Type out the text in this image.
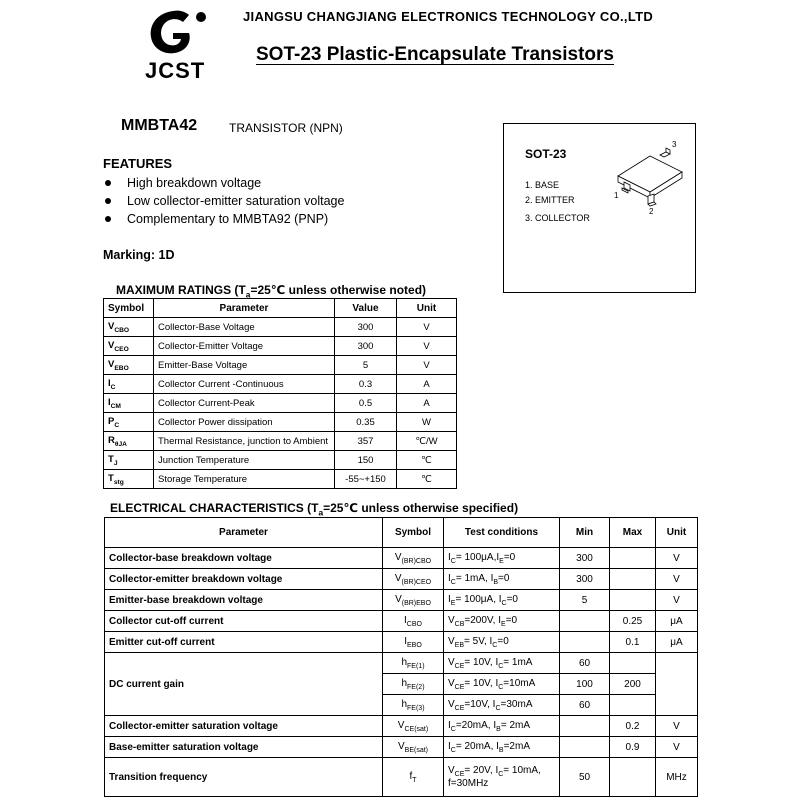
JCST
JIANGSU CHANGJIANG ELECTRONICS TECHNOLOGY CO.,LTD
SOT-23 Plastic-Encapsulate Transistors
MMBTA42	TRANSISTOR (NPN)
FEATURES
High breakdown voltage
Low collector-emitter saturation voltage
Complementary to MMBTA92 (PNP)
Marking: 1D
SOT-23
1. BASE
2. EMITTER
3. COLLECTOR
1
2
3
MAXIMUM RATINGS ($T_a=25℃$ unless otherwise noted)
Symbol	Parameter	Value	Unit
$V_{CBO}$	Collector-Base Voltage	300	V
$V_{CEO}$	Collector-Emitter Voltage	300	V
$V_{EBO}$	Emitter-Base Voltage	5	V
$I_C$	Collector Current -Continuous	0.3	A
$I_{CM}$	Collector Current-Peak	0.5	A
$P_C$	Collector Power dissipation	0.35	W
$R_{\theta JA}$	Thermal Resistance, junction to Ambient	357	℃/W
$T_J$	Junction Temperature	150	℃
$T_{stg}$	Storage Temperature	-55~+150	℃
ELECTRICAL CHARACTERISTICS ($T_a=25℃$ unless otherwise specified)
Parameter	Symbol	Test conditions	Min	Max	Unit
Collector-base breakdown voltage	$V_{(BR)CBO}$	$I_C= 100\mu A,I_E=0$	300		V
Collector-emitter breakdown voltage	$V_{(BR)CEO}$	$I_C= 1mA$, $I_B=0$	300		V
Emitter-base breakdown voltage	$V_{(BR)EBO}$	$I_E= 100\mu A$, $I_C=0$	5		V
Collector cut-off current	$I_{CBO}$	$V_{CB}=200V$, $I_E=0$		0.25	μA
Emitter cut-off current	$I_{EBO}$	$V_{EB}= 5V$, $I_C=0$		0.1	μA
DC current gain	$h_{FE(1)}$	$V_{CE}= 10V$, $I_C= 1mA$	60		
	$h_{FE(2)}$	$V_{CE}= 10V$, $I_C=10mA$	100	200	
	$h_{FE(3)}$	$V_{CE}=10V$, $I_C=30mA$	60		
Collector-emitter saturation voltage	$V_{CE(sat)}$	$I_C=20mA$, $I_B= 2mA$		0.2	V
Base-emitter saturation voltage	$V_{BE(sat)}$	$I_C= 20mA$, $I_B=2mA$		0.9	V
Transition frequency	$f_T$	$V_{CE}= 20V$, $I_C= 10mA$,
f=30MHz	50		MHz
